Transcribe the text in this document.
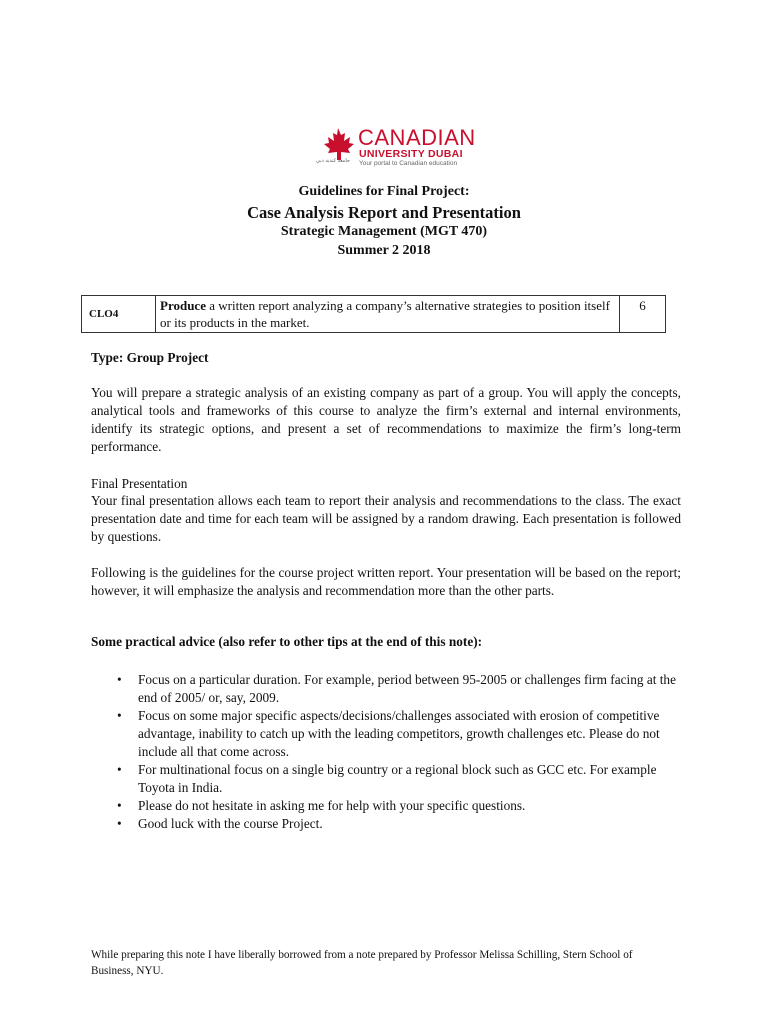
CANADIAN
UNIVERSITY DUBAI
Your portal to Canadian education
جامعة كندية دبي
Guidelines for Final Project:
Case Analysis Report and Presentation
Strategic Management (MGT 470)
Summer 2 2018
CLO4	Produce a written report analyzing a company’s alternative strategies to position itself or its products in the market.	6
Type: Group Project
You will prepare a strategic analysis of an existing company as part of a group. You will apply the concepts, analytical tools and frameworks of this course to analyze the firm’s external and internal environments, identify its strategic options, and present a set of recommendations to maximize the firm’s long-term performance.
Final Presentation
Your final presentation allows each team to report their analysis and recommendations to the class. The exact presentation date and time for each team will be assigned by a random drawing. Each presentation is followed by questions.
Following is the guidelines for the course project written report. Your presentation will be based on the report; however, it will emphasize the analysis and recommendation more than the other parts.
Some practical advice (also refer to other tips at the end of this note):
• Focus on a particular duration. For example, period between 95-2005 or challenges firm facing at the end of 2005/ or, say, 2009.
• Focus on some major specific aspects/decisions/challenges associated with erosion of competitive advantage, inability to catch up with the leading competitors, growth challenges etc. Please do not include all that come across.
• For multinational focus on a single big country or a regional block such as GCC etc. For example Toyota in India.
• Please do not hesitate in asking me for help with your specific questions.
• Good luck with the course Project.
While preparing this note I have liberally borrowed from a note prepared by Professor Melissa Schilling, Stern School of Business, NYU.
